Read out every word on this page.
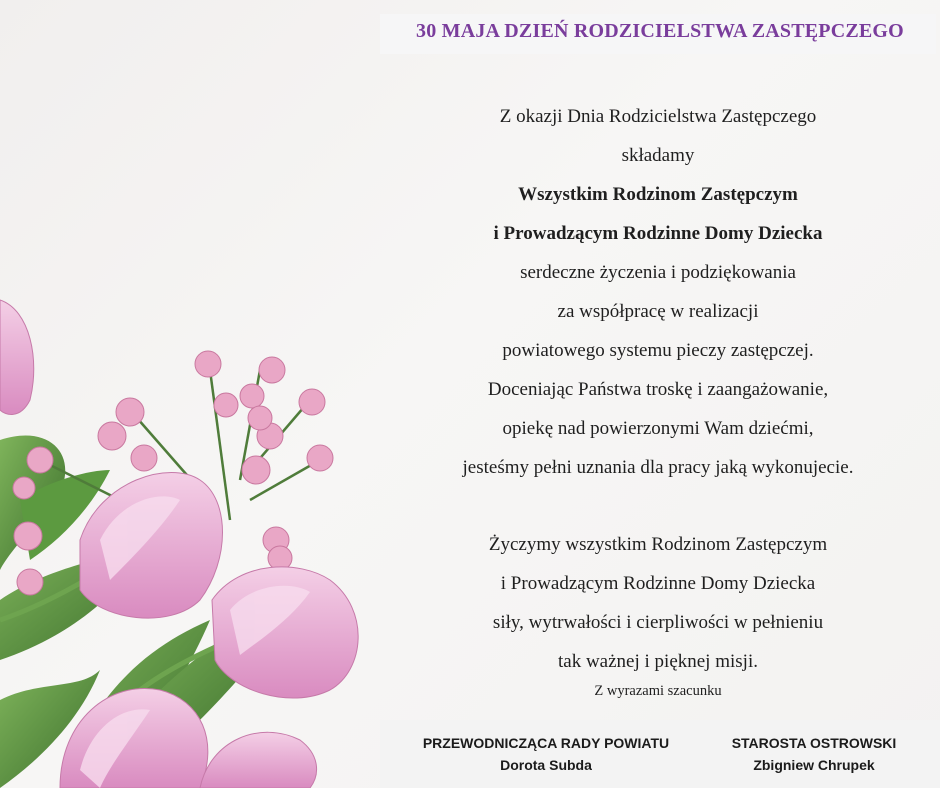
30 MAJA DZIEŃ RODZICIELSTWA ZASTĘPCZEGO
Z okazji Dnia Rodzicielstwa Zastępczego
składamy
Wszystkim Rodzinom Zastępczym
i Prowadzącym Rodzinne Domy Dziecka
serdeczne życzenia i podziękowania
za współpracę w realizacji
powiatowego systemu pieczy zastępczej.
Doceniając Państwa troskę i zaangażowanie,
opiekę nad powierzonymi Wam dziećmi,
jesteśmy pełni uznania dla pracy jaką wykonujecie.
Życzymy wszystkim Rodzinom Zastępczym
i Prowadzącym Rodzinne Domy Dziecka
siły, wytrwałości i cierpliwości w pełnieniu
tak ważnej i pięknej misji.
Z wyrazami szacunku
PRZEWODNICZĄCA RADY POWIATU
Dorota Subda
STAROSTA OSTROWSKI
Zbigniew Chrupek
